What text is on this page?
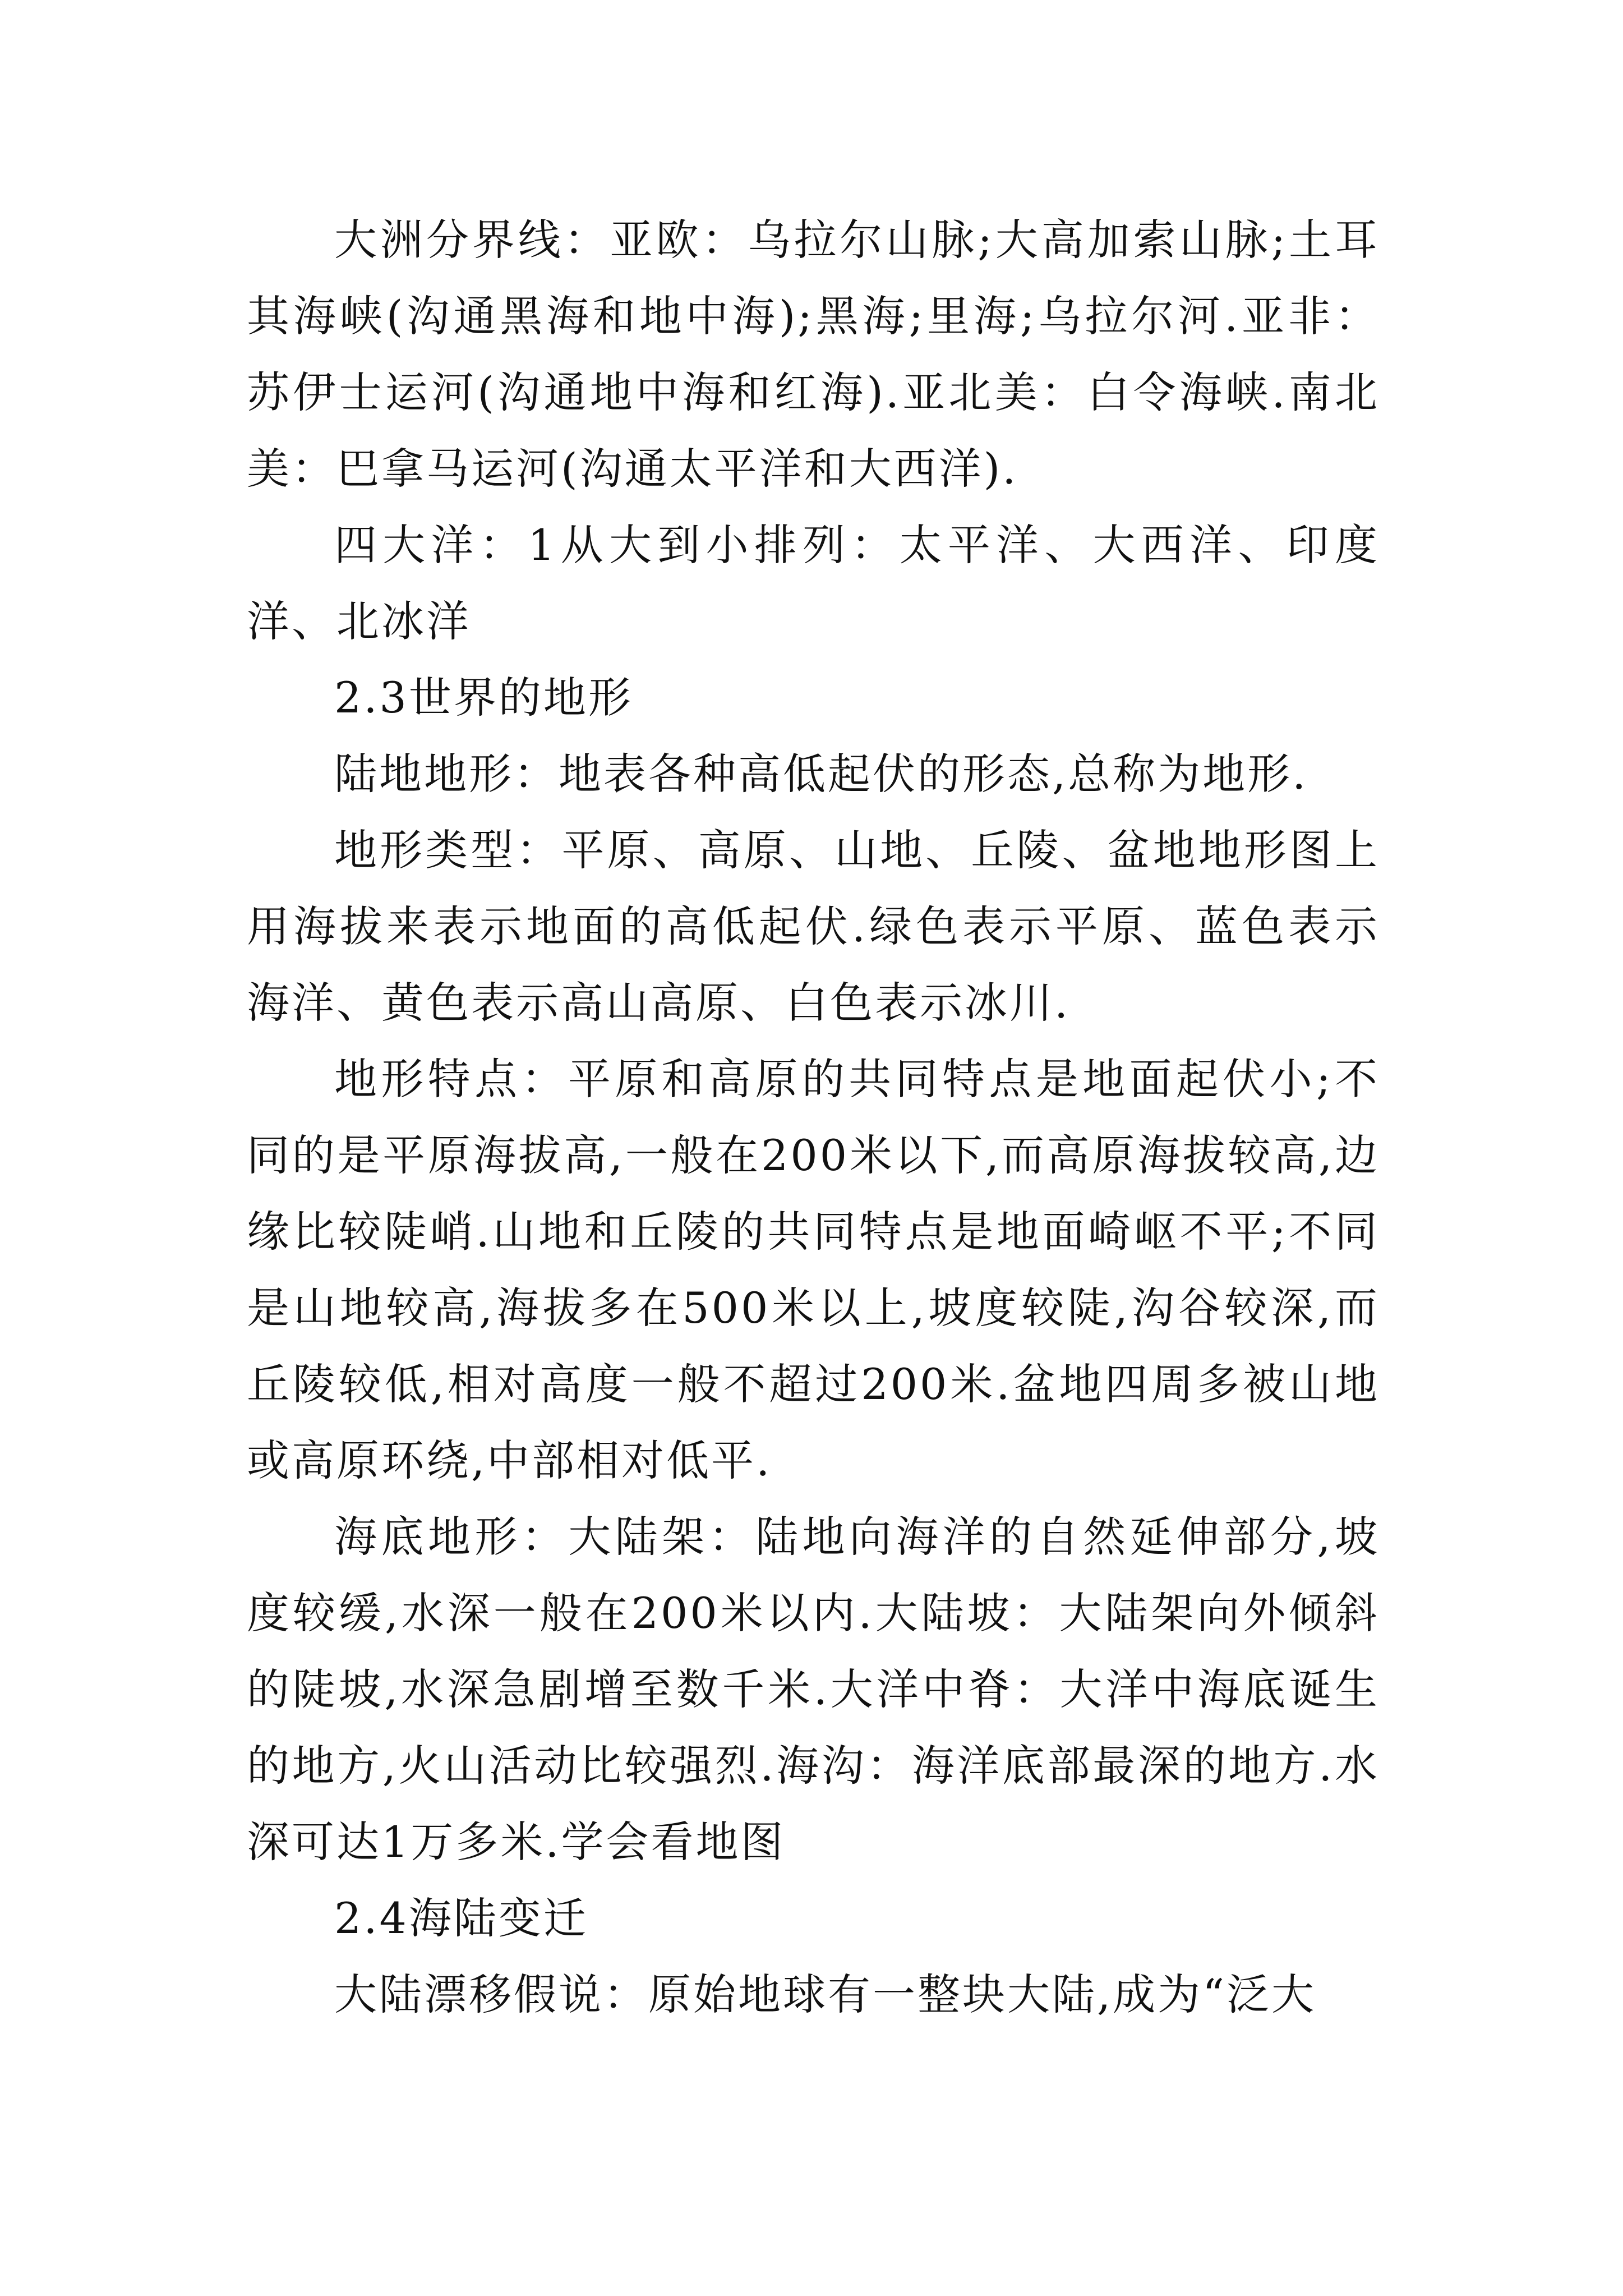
大洲分界线：亚欧：乌拉尔山脉;大高加索山脉;土耳其海峡(沟通黑海和地中海);黑海;里海;乌拉尔河.亚非：苏伊士运河(沟通地中海和红海).亚北美：白令海峡.南北美：巴拿马运河(沟通太平洋和大西洋).

四大洋：1从大到小排列：太平洋、大西洋、印度洋、北冰洋

2.3世界的地形

陆地地形：地表各种高低起伏的形态,总称为地形.

地形类型：平原、高原、山地、丘陵、盆地地形图上用海拔来表示地面的高低起伏.绿色表示平原、蓝色表示海洋、黄色表示高山高原、白色表示冰川.

地形特点：平原和高原的共同特点是地面起伏小;不同的是平原海拔高,一般在200米以下,而高原海拔较高,边缘比较陡峭.山地和丘陵的共同特点是地面崎岖不平;不同是山地较高,海拔多在500米以上,坡度较陡,沟谷较深,而丘陵较低,相对高度一般不超过200米.盆地四周多被山地或高原环绕,中部相对低平.

海底地形：大陆架：陆地向海洋的自然延伸部分,坡度较缓,水深一般在200米以内.大陆坡：大陆架向外倾斜的陡坡,水深急剧增至数千米.大洋中脊：大洋中海底诞生的地方,火山活动比较强烈.海沟：海洋底部最深的地方.水深可达1万多米.学会看地图

2.4海陆变迁

大陆漂移假说：原始地球有一整块大陆,成为“泛大
